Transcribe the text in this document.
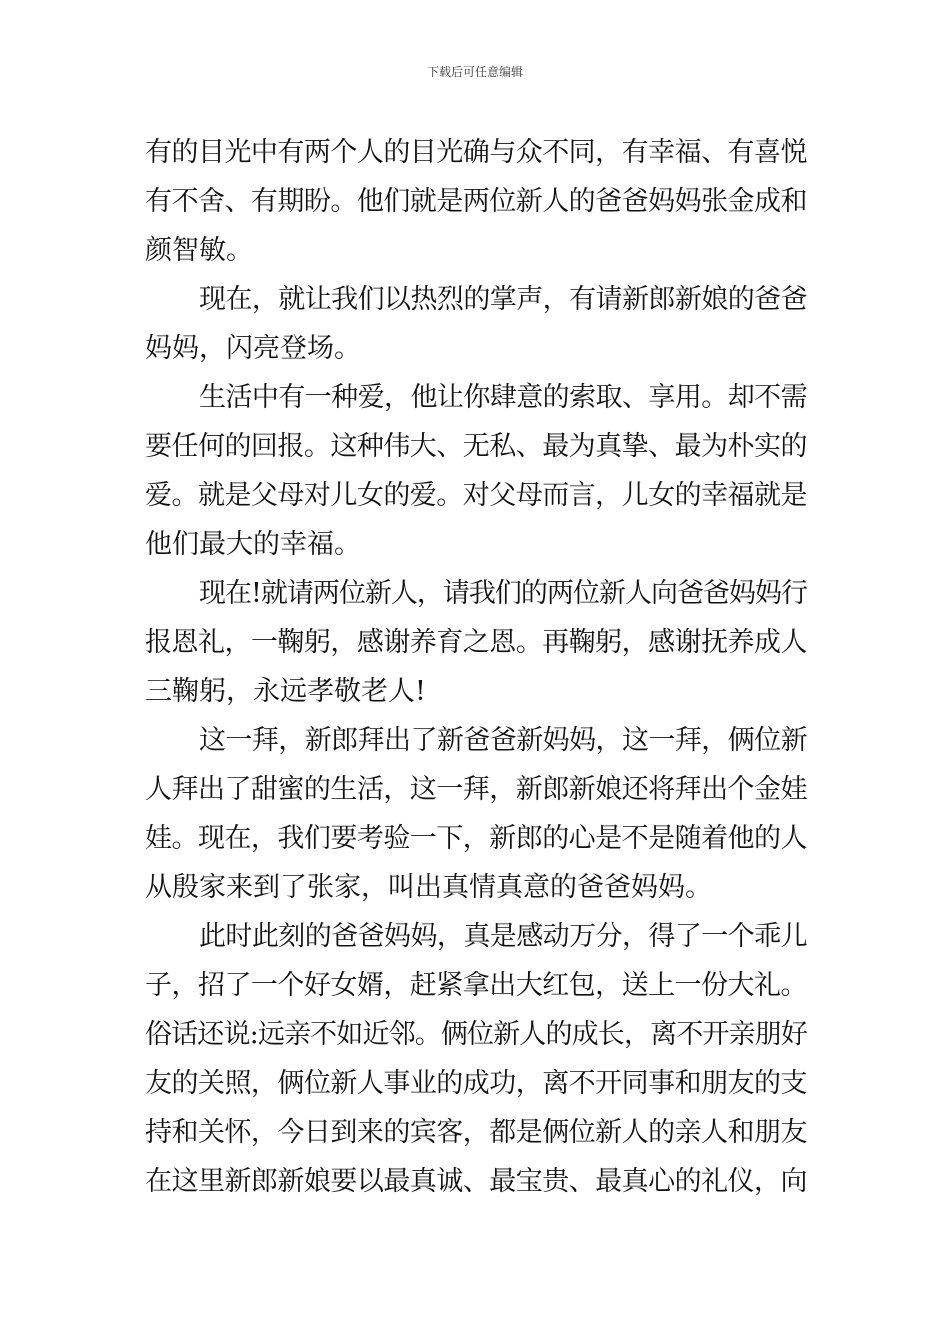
下载后可任意编辑
有的目光中有两个人的目光确与众不同，有幸福、有喜悦
有不舍、有期盼。他们就是两位新人的爸爸妈妈张金成和
颜智敏。
现在，就让我们以热烈的掌声，有请新郎新娘的爸爸
妈妈，闪亮登场。
生活中有一种爱，他让你肆意的索取、享用。却不需
要任何的回报。这种伟大、无私、最为真挚、最为朴实的
爱。就是父母对儿女的爱。对父母而言，儿女的幸福就是
他们最大的幸福。
现在!就请两位新人，请我们的两位新人向爸爸妈妈行
报恩礼，一鞠躬，感谢养育之恩。再鞠躬，感谢抚养成人
三鞠躬，永远孝敬老人!
这一拜，新郎拜出了新爸爸新妈妈，这一拜，俩位新
人拜出了甜蜜的生活，这一拜，新郎新娘还将拜出个金娃
娃。现在，我们要考验一下，新郎的心是不是随着他的人
从殷家来到了张家，叫出真情真意的爸爸妈妈。
此时此刻的爸爸妈妈，真是感动万分，得了一个乖儿
子，招了一个好女婿，赶紧拿出大红包，送上一份大礼。
俗话还说:远亲不如近邻。俩位新人的成长，离不开亲朋好
友的关照，俩位新人事业的成功，离不开同事和朋友的支
持和关怀，今日到来的宾客，都是俩位新人的亲人和朋友
在这里新郎新娘要以最真诚、最宝贵、最真心的礼仪，向
